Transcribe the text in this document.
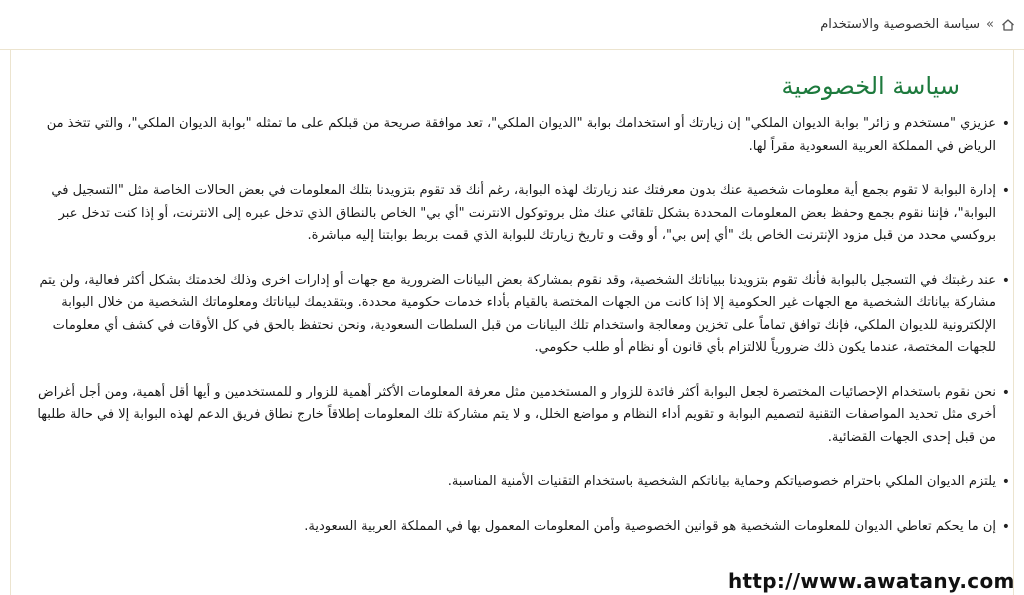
»
سياسة الخصوصية والاستخدام
سياسة الخصوصية
• عزيزي "مستخدم و زائر" بوابة الديوان الملكي" إن زيارتك أو استخدامك بوابة "الديوان الملكي"، تعد موافقة صريحة من قبلكم على ما تمثله "بوابة الديوان الملكي"، والتي تتخذ من الرياض في المملكة العربية السعودية مقراً لها.
• إدارة البوابة لا تقوم بجمع أية معلومات شخصية عنك بدون معرفتك عند زيارتك لهذه البوابة، رغم أنك قد تقوم بتزويدنا بتلك المعلومات في بعض الحالات الخاصة مثل "التسجيل في البوابة"، فإننا نقوم بجمع وحفظ بعض المعلومات المحددة بشكل تلقائي عنك مثل بروتوكول الانترنت "أي بي" الخاص بالنطاق الذي تدخل عبره إلى الانترنت، أو إذا كنت تدخل عبر بروكسي محدد من قبل مزود الإنترنت الخاص بك "أي إس بي"، أو وقت و تاريخ زيارتك للبوابة الذي قمت بربط بوابتنا إليه مباشرة.
• عند رغبتك في التسجيل بالبوابة فأنك تقوم بتزويدنا ببياناتك الشخصية، وقد نقوم بمشاركة بعض البيانات الضرورية مع جهات أو إدارات اخرى وذلك لخدمتك بشكل أكثر فعالية، ولن يتم مشاركة بياناتك الشخصية مع الجهات غير الحكومية إلا إذا كانت من الجهات المختصة بالقيام بأداء خدمات حكومية محددة. وبتقديمك لبياناتك ومعلوماتك الشخصية من خلال البوابة الإلكترونية للديوان الملكي، فإنك توافق تماماً على تخزين ومعالجة واستخدام تلك البيانات من قبل السلطات السعودية، ونحن نحتفظ بالحق في كل الأوقات في كشف أي معلومات للجهات المختصة، عندما يكون ذلك ضرورياً للالتزام بأي قانون أو نظام أو طلب حكومي.
• نحن نقوم باستخدام الإحصائيات المختصرة لجعل البوابة أكثر فائدة للزوار و المستخدمين مثل معرفة المعلومات الأكثر أهمية للزوار و للمستخدمين و أيها أقل أهمية، ومن أجل أغراض أخرى مثل تحديد المواصفات التقنية لتصميم البوابة و تقويم أداء النظام و مواضع الخلل، و لا يتم مشاركة تلك المعلومات إطلاقاً خارج نطاق فريق الدعم لهذه البوابة إلا في حالة طلبها من قبل إحدى الجهات القضائية.
• يلتزم الديوان الملكي باحترام خصوصياتكم وحماية بياناتكم الشخصية باستخدام التقنيات الأمنية المناسبة.
• إن ما يحكم تعاطي الديوان للمعلومات الشخصية هو قوانين الخصوصية وأمن المعلومات المعمول بها في المملكة العربية السعودية.
http://www.awatany.com
